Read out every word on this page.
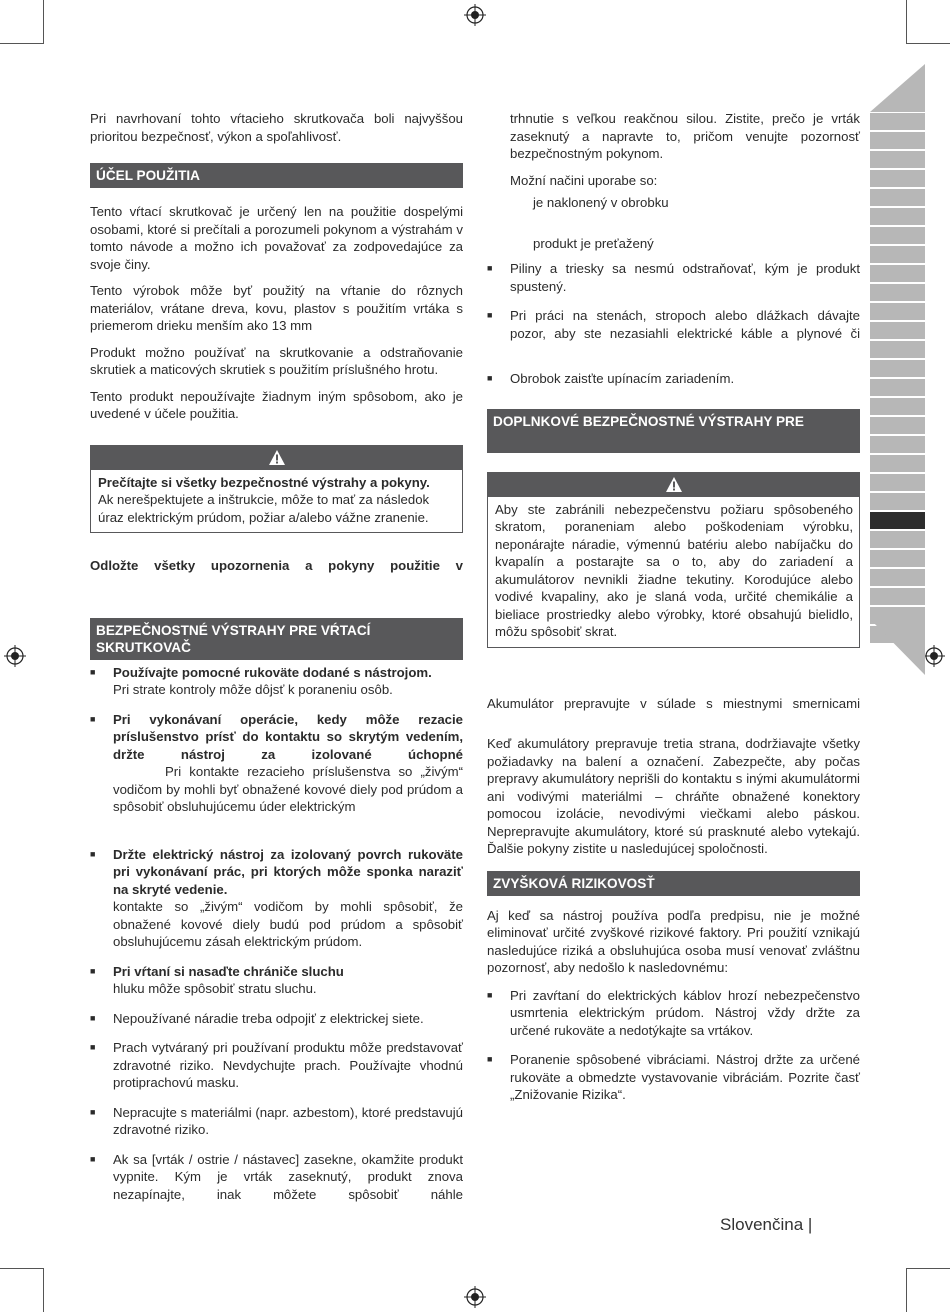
Pri navrhovaní tohto vŕtacieho skrutkovača boli najvyššou prioritou bezpečnosť, výkon a spoľahlivosť.

ÚČEL POUŽITIA

Tento vŕtací skrutkovač je určený len na použitie dospelými osobami, ktoré si prečítali a porozumeli pokynom a výstrahám v tomto návode a možno ich považovať za zodpovedajúce za svoje činy.

Tento výrobok môže byť použitý na vŕtanie do rôznych materiálov, vrátane dreva, kovu, plastov s použitím vrtáka s priemerom drieku menším ako 13 mm

Produkt možno používať na skrutkovanie a odstraňovanie skrutiek a maticových skrutiek s použitím príslušného hrotu.

Tento produkt nepoužívajte žiadnym iným spôsobom, ako je uvedené v účele použitia.

Prečítajte si všetky bezpečnostné výstrahy a pokyny.
Ak nerešpektujete a inštrukcie, môže to mať za následok úraz elektrickým prúdom, požiar a/alebo vážne zranenie.
Odložte všetky upozornenia a pokyny použitie v
BEZPEČNOSTNÉ VÝSTRAHY PRE VŔTACÍ
SKRUTKOVAČ
■ Používajte pomocné rukoväte dodané s nástrojom.
Pri strate kontroly môže dôjsť k poraneniu osôb.
■ Pri vykonávaní operácie, kedy môže rezacie príslušenstvo prísť do kontaktu so skrytým vedením, držte nástroj za izolované úchopné
Pri kontakte rezacieho príslušenstva so „živým“ vodičom by mohli byť obnažené kovové diely pod prúdom a spôsobiť obsluhujúcemu úder elektrickým
■ Držte elektrický nástroj za izolovaný povrch rukoväte pri vykonávaní prác, pri ktorých môže sponka naraziť na skryté vedenie.
kontakte so „živým“ vodičom by mohli spôsobiť, že obnažené kovové diely budú pod prúdom a spôsobiť obsluhujúcemu zásah elektrickým prúdom.
■ Pri vŕtaní si nasaďte chrániče sluchu
hluku môže spôsobiť stratu sluchu.
■ Nepoužívané náradie treba odpojiť z elektrickej siete.
■ Prach vytváraný pri používaní produktu môže predstavovať zdravotné riziko. Nevdychujte prach. Používajte vhodnú protiprachovú masku.
■ Nepracujte s materiálmi (napr. azbestom), ktoré predstavujú zdravotné riziko.
■ Ak sa [vrták / ostrie / nástavec] zasekne, okamžite produkt vypnite. Kým je vrták zaseknutý, produkt znova nezapínajte, inak môžete spôsobiť náhle
trhnutie s veľkou reakčnou silou. Zistite, prečo je vrták zaseknutý a napravte to, pričom venujte pozornosť bezpečnostným pokynom.
Možní načini uporabe so:
je naklonený v obrobku
produkt je preťažený
■ Piliny a triesky sa nesmú odstraňovať, kým je produkt spustený.
■ Pri práci na stenách, stropoch alebo dlážkach dávajte pozor, aby ste nezasiahli elektrické káble a plynové či
■ Obrobok zaisťte upínacím zariadením.
DOPLNKOVÉ BEZPEČNOSTNÉ VÝSTRAHY PRE
Aby ste zabránili nebezpečenstvu požiaru spôsobeného skratom, poraneniam alebo poškodeniam výrobku, neponárajte náradie, výmennú batériu alebo nabíjačku do kvapalín a postarajte sa o to, aby do zariadení a akumulátorov nevnikli žiadne tekutiny. Korodujúce alebo vodivé kvapaliny, ako je slaná voda, určité chemikálie a bieliace prostriedky alebo výrobky, ktoré obsahujú bielidlo, môžu spôsobiť skrat.
Akumulátor prepravujte v súlade s miestnymi smernicami
Keď akumulátory prepravuje tretia strana, dodržiavajte všetky požiadavky na balení a označení. Zabezpečte, aby počas prepravy akumulátory neprišli do kontaktu s inými akumulátormi ani vodivými materiálmi – chráňte obnažené konektory pomocou izolácie, nevodivými viečkami alebo páskou. Neprepravujte akumulátory, ktoré sú prasknuté alebo vytekajú. Ďalšie pokyny zistite u nasledujúcej spoločnosti.
ZVYŠKOVÁ RIZIKOVOSŤ
Aj keď sa nástroj používa podľa predpisu, nie je možné eliminovať určité zvyškové rizikové faktory. Pri použití vznikajú nasledujúce riziká a obsluhujúca osoba musí venovať zvláštnu pozornosť, aby nedošlo k nasledovnému:
■ Pri zavŕtaní do elektrických káblov hrozí nebezpečenstvo usmrtenia elektrickým prúdom. Nástroj vždy držte za určené rukoväte a nedotýkajte sa vrtákov.
■ Poranenie spôsobené vibráciami. Nástroj držte za určené rukoväte a obmedzte vystavovanie vibráciám. Pozrite časť „Znižovanie Rizika“.
Slovenčina |
